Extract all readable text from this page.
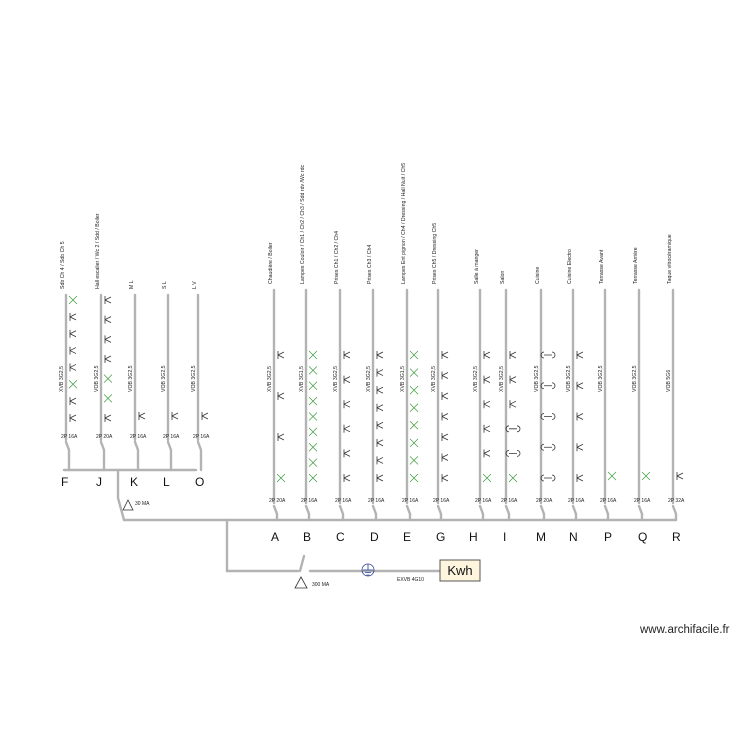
30 MA
300 MA
EXVB 4G10
Kwh
Sdb Ch 4 / Sdb Ch 5
XVB 3G2,5
2P 16A
F
Hall escalier / Wc 2 / Sdd / Boiler
VOB 3G2,5
2P 20A
J
M L
VOB 3G2,5
2P 16A
K
S L
VOB 3G2,5
2P 16A
L
L V
VOB 3G2,5
2P 16A
O
Chaudière / Boiler
XVB 3G2,5
2P 20A
A
Lampes Couloir / Ch1 / Ch2 / Ch3 / Sdd rdv /Wc rdc
XVB 3G1,5
2P 16A
B
Prises Ch1 / Ch2 / Ch4
XVB 3G2,5
2P 16A
C
Prises Ch3 / Ch4
XVB 3G2,5
2P 16A
D
Lampes Ent pignon / Ch4 / Dressing / Hall Nuit / Ch5
XVB 3G1,5
2P 16A
E
Prises Ch5 / Dressing Ch5
XVB 3G2,5
2P 16A
G
Salle à manger
XVB 3G2,5
2P 16A
H
Salon
XVB 3G2,5
2P 16A
I
Cuisine
VOB 3G2,5
2P 20A
M
Cuisine Electro
VOB 3G2,5
2P 16A
N
Terrasse Avant
VOB 3G2,5
2P 16A
P
Terrasse Arrière
VOB 3G2,5
2P 16A
Q
Taque vitrocéramique
VOB 5G6
2P 32A
R
www.archifacile.fr
